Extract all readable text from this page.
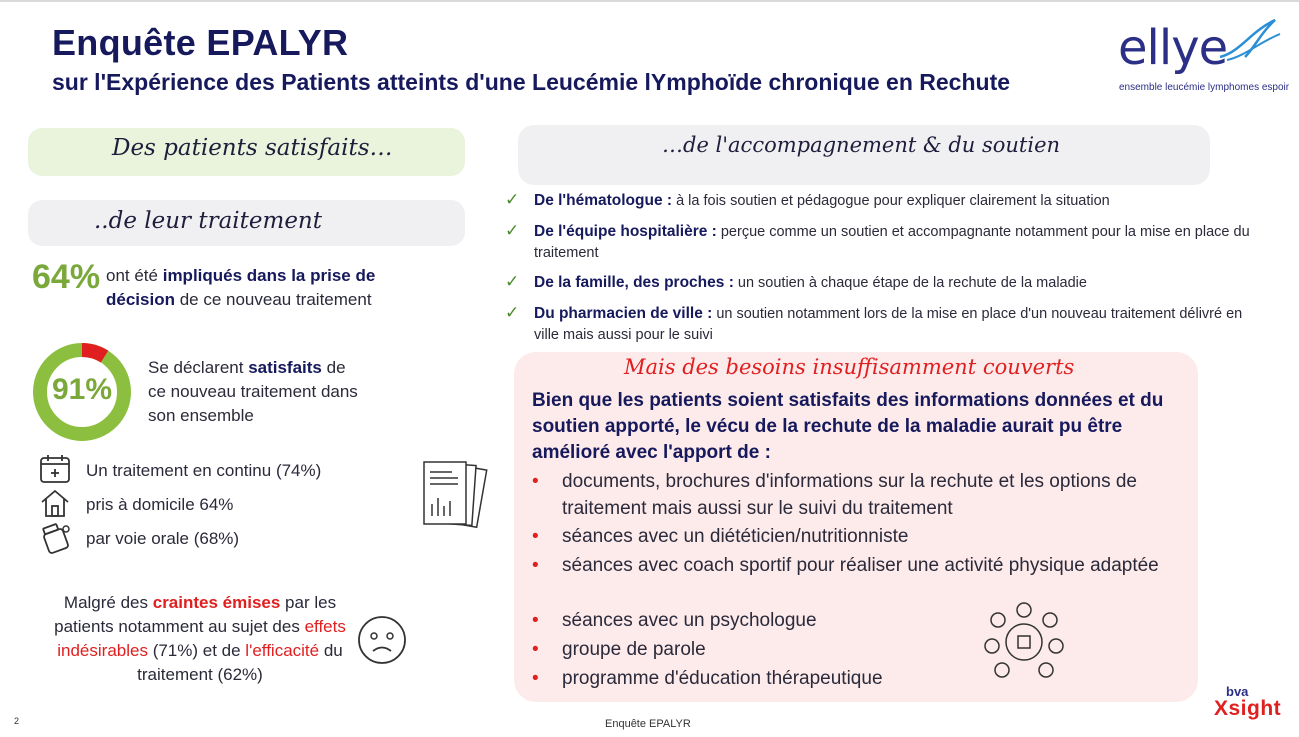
Enquête EPALYR
sur l'Expérience des Patients atteints d'une Leucémie lYmphoïde chronique en Rechute
ellye
ensemble leucémie lymphomes espoir
Des patients satisfaits…
..de leur traitement
64% ont été impliqués dans la prise de décision de ce nouveau traitement
91%
Se déclarent satisfaits de ce nouveau traitement dans son ensemble
Un traitement en continu (74%)
pris à domicile 64%
par voie orale (68%)
Malgré des craintes émises par les patients notamment au sujet des effets indésirables (71%) et de l'efficacité du traitement (62%)
…de l'accompagnement & du soutien
✓ De l'hématologue : à la fois soutien et pédagogue pour expliquer clairement la situation
✓ De l'équipe hospitalière : perçue comme un soutien et accompagnante notamment pour la mise en place du traitement
✓ De la famille, des proches : un soutien à chaque étape de la rechute de la maladie
✓ Du pharmacien de ville : un soutien notamment lors de la mise en place d'un nouveau traitement délivré en ville mais aussi pour le suivi
Mais des besoins insuffisamment couverts
Bien que les patients soient satisfaits des informations données et du soutien apporté, le vécu de la rechute de la maladie aurait pu être amélioré avec l'apport de :
• documents, brochures d'informations sur la rechute et les options de traitement mais aussi sur le suivi du traitement
• séances avec un diététicien/nutritionniste
• séances avec coach sportif pour réaliser une activité physique adaptée
• séances avec un psychologue
• groupe de parole
• programme d'éducation thérapeutique
2	Enquête EPALYR
bva
Xsight
